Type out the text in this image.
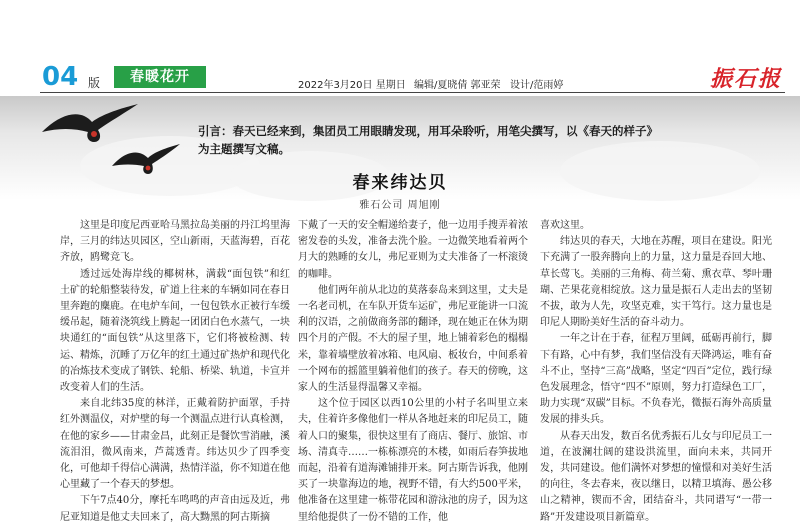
04 版	春暖花开
2022年3月20日 星期日 编辑/夏晓倩 郭亚荣 设计/范雨婷	振石报
引言：春天已经来到，集团员工用眼睛发现，用耳朵聆听，用笔尖撰写，以《春天的样子》为主题撰写文稿。
春来纬达贝
雅石公司 周旭刚

这里是印度尼西亚哈马黑拉岛美丽的丹江坞里海岸，三月的纬达贝园区，空山新雨，天蓝海碧，百花齐放，鸥鹭竞飞。

透过远处海岸线的椰树林，满载“面包铁”和红土矿的轮船整装待发，矿道上往来的车辆如同在春日里奔跑的麋鹿。在电炉车间，一包包铁水正被行车缓缓吊起，随着浇筑线上腾起一团团白色水蒸气，一块块通红的“面包铁”从这里落下，它们将被检测、转运、精炼，沉睡了万亿年的红土通过矿热炉和现代化的冶炼技术变成了钢铁、轮船、桥梁、轨道，卡宣并改变着人们的生活。

来自北纬35度的林洋，正戴着防护面罩，手持红外测温仪，对炉壁的每一个测温点进行认真检测，在他的家乡——甘肃金昌，此刻正是餐饮雪消融，溪流泪泪，微风南来，芦蒿透青。纬达贝少了四季变化，可他却千得信心满满，热情洋溢，你不知道在他心里藏了一个春天的梦想。

下午7点40分，摩托车鸣鸣的声音由远及近，弗尼亚知道是他丈夫回来了，高大黝黑的阿古斯摘

下戴了一天的安全帽递给妻子，他一边用手搜弄着浓密发卷的头发，准备去洗个脸。一边微笑地看着两个月大的熟睡的女儿，弗尼亚则为丈夫准备了一杯滚烫的咖啡。

他们两年前从北边的莫落泰岛来到这里，丈夫是一名老司机，在车队开货车运矿，弗尼亚能讲一口流利的汉语，之前做商务部的翻译，现在她正在休为期四个月的产假。不大的屋子里，地上铺着彩色的榻榻米，靠着墙壁放着冰箱、电风扇、板妆台，中间系着一个网布的摇篮里躺着他们的孩子。春天的傍晚，这家人的生活显得温馨又幸福。

这个位于园区以西10公里的小村子名叫里立来夫，住着许多像他们一样从各地赶来的印尼员工，随着人口的聚集，很快这里有了商店、餐厅、旅馆、市场、清真寺……一栋栋漂亮的木楼，如雨后春笋拔地而起，沿着有道海滩铺排开来。阿古斯告诉我，他刚买了一块靠海边的地，视野不错，有大约500平米，他准备在这里建一栋带花园和游泳池的房子，因为这里给他提供了一份不错的工作，他

喜欢这里。

纬达贝的春天，大地在苏醒，项目在建设。阳光下充满了一股奔腾向上的力量，这力量是吞回大地、草长莺飞。美丽的三角梅、荷兰菊、熏衣草、琴叶珊瑚、芒果花竟相绽放。这力量是振石人走出去的坚韧不拔，敢为人先，攻坚克难，实干笃行。这力量也是印尼人期盼美好生活的奋斗动力。

一年之计在于春，征程万里阔，砥砺再前行，脚下有路，心中有梦，我们坚信没有天降鸿运，唯有奋斗不止，坚持“三高”战略，坚定“四百”定位，践行绿色发展理念，悟守“四不”原则，努力打造绿色工厂，助力实现“双碳”目标。不负春光，微振石海外高质量发展的排头兵。

从春天出发，数百名优秀振石儿女与印尼员工一道，在波澜壮阔的建设洪流里，面向未来，共同开发，共同建设。他们满怀对梦想的憧憬和对美好生活的向往，冬去春来，夜以继日，以精卫填海、愚公移山之精神，锲而不舍，团结奋斗，共同谱写“一带一路”开发建设项目新篇章。
